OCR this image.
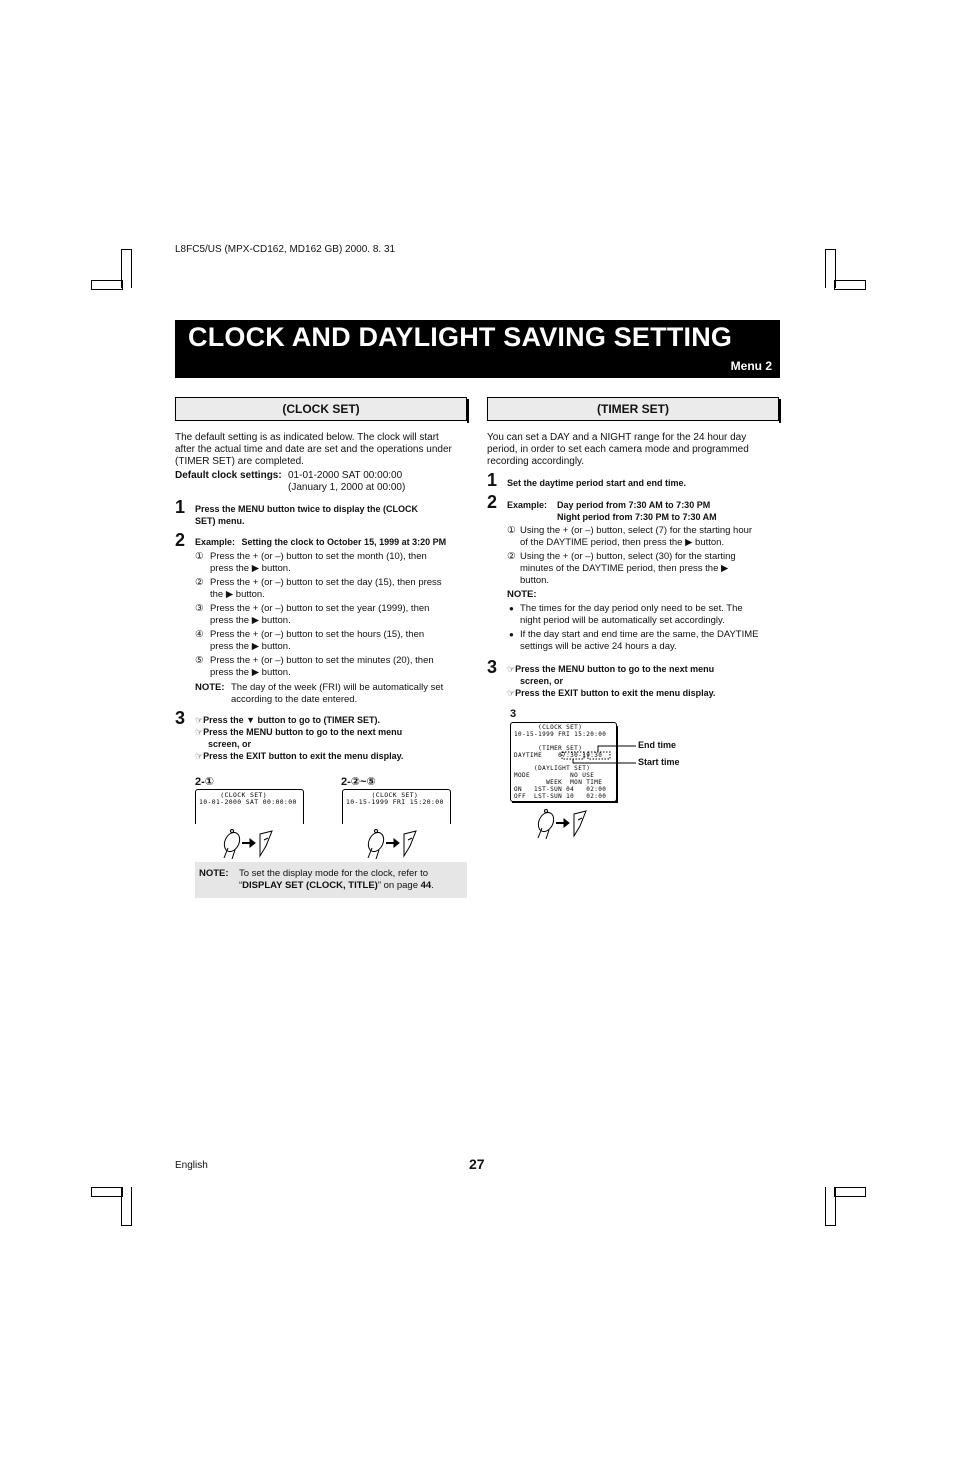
L8FC5/US (MPX-CD162, MD162 GB) 2000. 8. 31
CLOCK AND DAYLIGHT SAVING SETTING
Menu 2
(CLOCK SET)
The default setting is as indicated below. The clock will start
after the actual time and date are set and the operations under
(TIMER SET) are completed.
Default clock settings: 01-01-2000 SAT 00:00:00
(January 1, 2000 at 00:00)
1 Press the MENU button twice to display the (CLOCK
SET) menu.
2 Example: Setting the clock to October 15, 1999 at 3:20 PM
① Press the + (or –) button to set the month (10), then
press the ▶ button.
② Press the + (or –) button to set the day (15), then press
the ▶ button.
③ Press the + (or –) button to set the year (1999), then
press the ▶ button.
④ Press the + (or –) button to set the hours (15), then
press the ▶ button.
⑤ Press the + (or –) button to set the minutes (20), then
press the ▶ button.
NOTE: The day of the week (FRI) will be automatically set
according to the date entered.
3 ☞Press the ▼ button to go to (TIMER SET).
☞Press the MENU button to go to the next menu
screen, or
☞Press the EXIT button to exit the menu display.
2-①
(CLOCK SET)
10-01-2000 SAT 00:00:00
2-②~⑤
(CLOCK SET)
10-15-1999 FRI 15:20:00
NOTE: To set the display mode for the clock, refer to
“DISPLAY SET (CLOCK, TITLE)” on page 44.
(TIMER SET)
You can set a DAY and a NIGHT range for the 24 hour day
period, in order to set each camera mode and programmed
recording accordingly.
1 Set the daytime period start and end time.
2 Example: Day period from 7:30 AM to 7:30 PM
Night period from 7:30 PM to 7:30 AM
① Using the + (or –) button, select (7) for the starting hour
of the DAYTIME period, then press the ▶ button.
② Using the + (or –) button, select (30) for the starting
minutes of the DAYTIME period, then press the ▶
button.
NOTE:
● The times for the day period only need to be set. The
night period will be automatically set accordingly.
● If the day start and end time are the same, the DAYTIME
settings will be active 24 hours a day.
3 ☞Press the MENU button to go to the next menu
screen, or
☞Press the EXIT button to exit the menu display.
3
(CLOCK SET)
10-15-1999 FRI 15:20:00

(TIMER SET)
DAYTIME    07:30-19:30

(DAYLIGHT SET)
MODE          NO USE
WEEK  MON TIME
ON   1ST-SUN 04   02:00
OFF  LST-SUN 10   02:00
End time
Start time
English	27
